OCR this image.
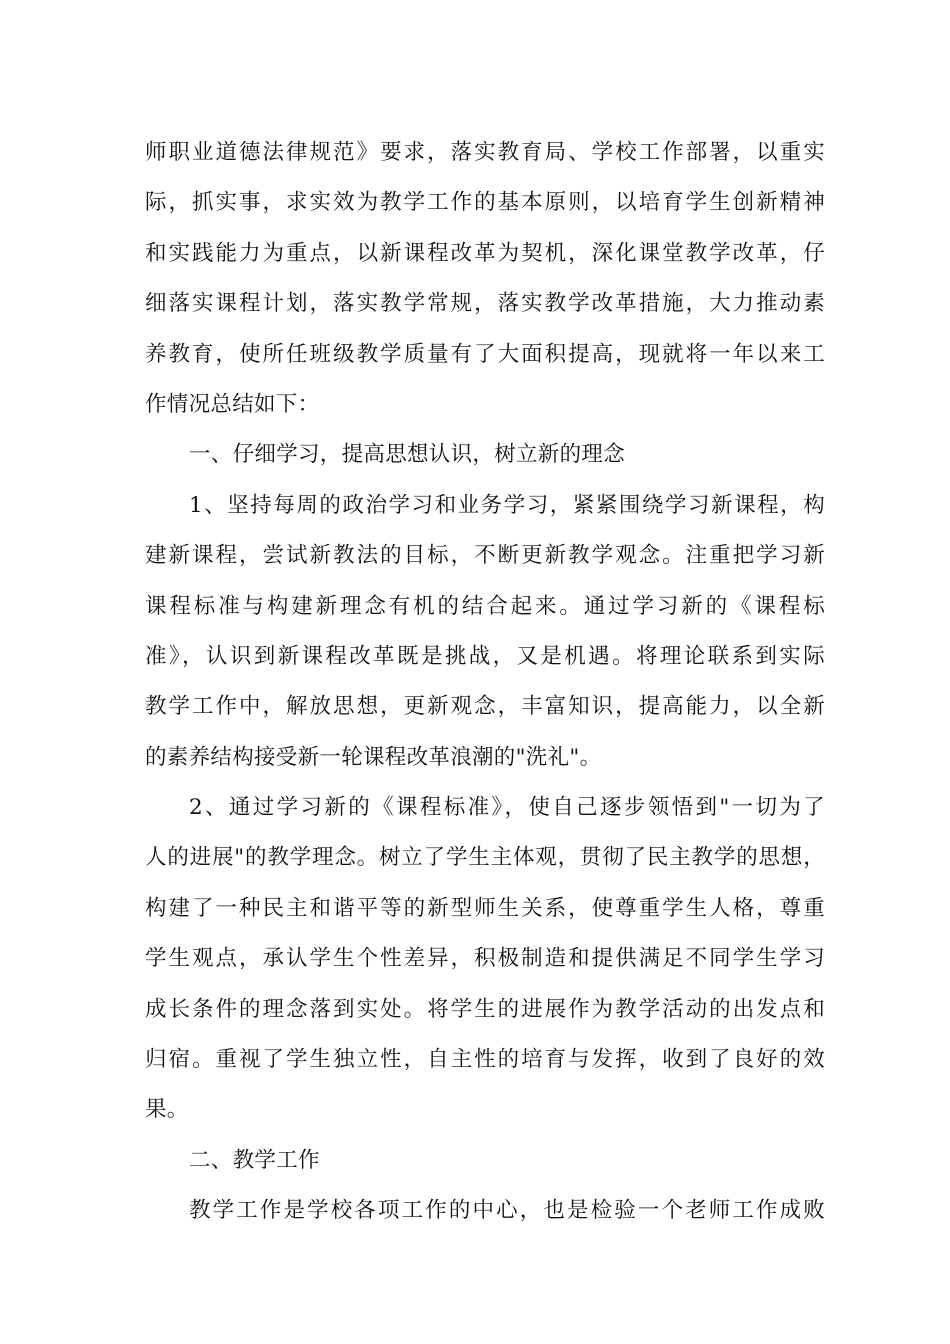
师职业道德法律规范》要求，落实教育局、学校工作部署，以重实
际，抓实事，求实效为教学工作的基本原则，以培育学生创新精神
和实践能力为重点，以新课程改革为契机，深化课堂教学改革，仔
细落实课程计划，落实教学常规，落实教学改革措施，大力推动素
养教育，使所任班级教学质量有了大面积提高，现就将一年以来工
作情况总结如下：
一、仔细学习，提高思想认识，树立新的理念
1、坚持每周的政治学习和业务学习，紧紧围绕学习新课程，构
建新课程，尝试新教法的目标，不断更新教学观念。注重把学习新
课程标准与构建新理念有机的结合起来。通过学习新的《课程标
准》，认识到新课程改革既是挑战，又是机遇。将理论联系到实际
教学工作中，解放思想，更新观念，丰富知识，提高能力，以全新
的素养结构接受新一轮课程改革浪潮的"洗礼"。
2、通过学习新的《课程标准》，使自己逐步领悟到"一切为了
人的进展"的教学理念。树立了学生主体观，贯彻了民主教学的思想，
构建了一种民主和谐平等的新型师生关系，使尊重学生人格，尊重
学生观点，承认学生个性差异，积极制造和提供满足不同学生学习
成长条件的理念落到实处。将学生的进展作为教学活动的出发点和
归宿。重视了学生独立性，自主性的培育与发挥，收到了良好的效
果。
二、教学工作
教学工作是学校各项工作的中心，也是检验一个老师工作成败
